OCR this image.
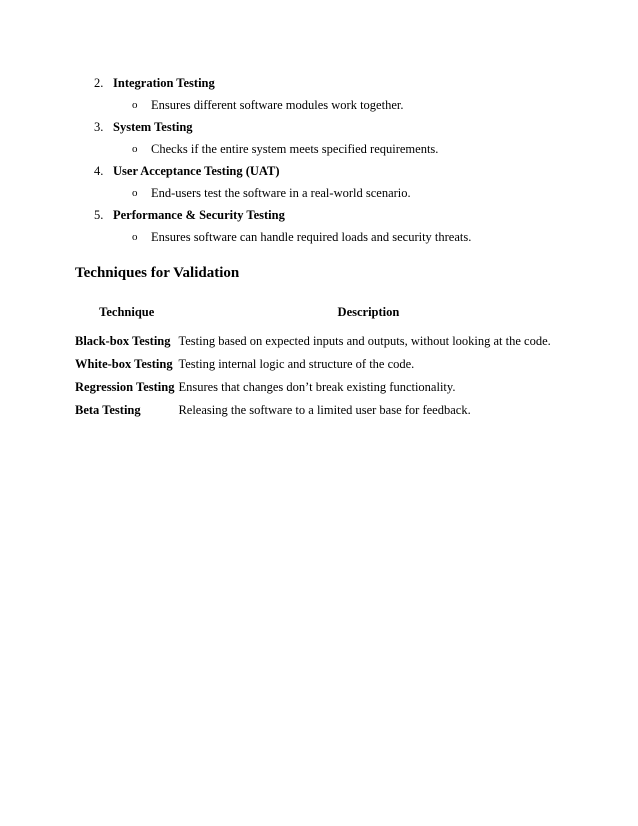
2. Integration Testing
o Ensures different software modules work together.
3. System Testing
o Checks if the entire system meets specified requirements.
4. User Acceptance Testing (UAT)
o End-users test the software in a real-world scenario.
5. Performance & Security Testing
o Ensures software can handle required loads and security threats.
Techniques for Validation
Technique	Description
Black-box Testing	Testing based on expected inputs and outputs, without looking at the code.
White-box Testing	Testing internal logic and structure of the code.
Regression Testing	Ensures that changes don’t break existing functionality.
Beta Testing	Releasing the software to a limited user base for feedback.
